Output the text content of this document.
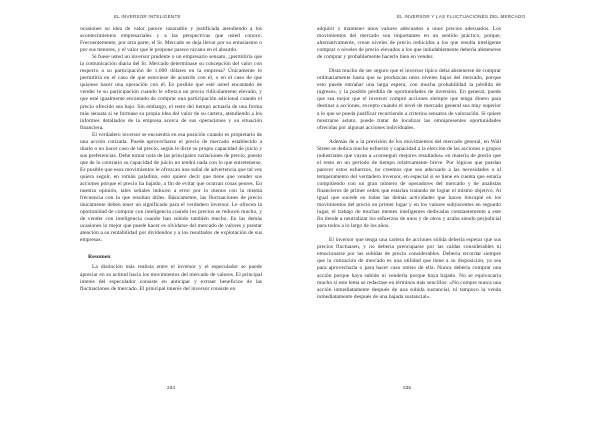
EL INVERSOR INTELIGENTE

ocasiones su idea de valor parece razonable y justificada atendiendo a los acontecimientos empresariales y a las perspectivas que usted conoce. Frecuentemente, por otra parte, el Sr. Mercado se deja llevar por su entusiasmo o por sus temores, y el valor que le propone parece rayano en el absurdo.

Si fuese usted un inversor prudente o un empresario sensato, ¿permitiría que la comunicación diaria del Sr. Mercado determinase su concepción del valor con respecto a su participación de 1.000 dólares en la empresa? Únicamente lo permitiría en el caso de que estuviese de acuerdo con él, o en el caso de que quisiese hacer una operación con él. Es posible que esté usted encantado de vender le su participación cuando le ofrezca un precio ridículamente elevado, y que esté igualmente encantado de comprar una participación adicional cuando el precio ofrecido sea bajo. Sin embargo, el resto del tiempo actuaría de una forma más sensata si se formase su propia idea del valor de su cartera, atendiendo a los informes detallados de la empresa acerca de sus operaciones y su situación financiera.

El verdadero inversor se encuentra en esa posición cuando es propietario de una acción cotizada. Puede aprovecharse el precio de mercado establecido a diario o no hacer caso de tal precio, según le dicte su propio capacidad de juicio y sus preferencias. Debe tomar nota de las principales variaciones de precio, puesto que de lo contrario su capacidad de juicio no tendrá nada con lo que entretenerse. Es posible que esos movimientos le ofrezcan una señal de advertencia que tal vez quiera seguir, en román paladino, esto quiere decir que tiene que vender sus acciones porque el precio ha bajado, a fin de evitar que ocurran cosas peores. En nuestra opinión, tales señales inducen a error por lo menos con la misma frecuencia con la que resultan útiles. Básicamente, las fluctuaciones de precio únicamente deben tener un significado para el verdadero inversor. Le ofrecen la oportunidad de comprar con inteligencia cuando los precios se reducen mucho, y de vender con inteligencia cuando han subido también mucho. En las demás ocasiones lo mejor que puede hacer es olvidarse del mercado de valores y prestar atención a su rentabilidad por dividendos y a los resultados de explotación de sus empresas.

Resumen

La distinción más realista entre el inversor y el especulador se puede apreciar en su actitud hacia los movimientos del mercado de valores. El principal interés del especulador consiste en anticipar y extraer beneficios de las fluctuaciones de mercado. El principal interés del inversor consiste en

234
EL INVERSOR Y LAS FLUCTUACIONES DEL MERCADO

adquirir y mantener unos valores adecuados a unos precios adecuados. Los movimientos del mercado son importantes en un sentido práctico, porque, alternativamente, crean niveles de precio reducidos a los que resulta inteligente comprar o niveles de precio elevados a los que indudablemente debería abstenerse de comprar y probablemente hacerlo bien en vender.

Dista mucho de ser seguro que el inversor típico deba abstenerse de comprar ordinariamente hasta que se produzcan unos niveles bajos del mercado, porque esto puede entrañar una larga espera, con mucha probabilidad la pérdida de ingresos, y la posible pérdida de oportunidades de inversión. En general, puede que sea mejor que el inversor compre acciones siempre que tenga dinero para destinar a acciones, excepto cuando el nivel de mercado general sea muy superior a lo que se pueda justificar recurriendo a criterios sensatos de valoración. Si quiere mostrarse astuto, puede tratar de localizar las omnipresentes oportunidades ofrecidas por algunas acciones individuales.

Además de a la previsión de los movimientos del mercado general, en Wall Street se dedica mucho esfuerzo y capacidad a la elección de las acciones o grupos industriales que vayan a «conseguir mejores resultados» en materia de precio que el resto en un período de tiempo relativamente breve. Por lógicas que puedan parecer estos esfuerzos, no creemos que sea adecuado a las necesidades o al temperamento del verdadero inversor, en especial si se tiene en cuenta que estaría compitiendo con un gran número de operadores del mercado y de analistas financieros de primer orden que estarían tratando de lograr el mismo objetivo. Al igual que sucede en todas las demás actividades que hacen hincapié en los movimientos del precio en primer lugar y en los valores subyacentes en segundo lugar, el trabajo de muchas mentes inteligentes dedicadas constantemente a este fin tiende a neutralizar los esfuerzos de unos y de otros y acaba siendo perjudicial para todos a lo largo de los años.

El inversor que tenga una cartera de acciones sólida debería esperar que sus precios fluctuasen, y no debería preocuparse por las caídas considerables ni emocionarse por las subidas de precio considerables. Debería recordar siempre que la cotización de mercado es una utilidad que tiene a su disposición, ya sea para aprovecharla o para hacer caso omiso de ella. Nunca debería comprar una acción porque haya subido ni venderla porque haya bajado. No se equivocaría mucho si este lema se redactase en términos más sencillos: «No compre nunca una acción inmediatamente después de una subida sustancial, ni tampoco la venda inmediatamente después de una bajada sustancial».

235
